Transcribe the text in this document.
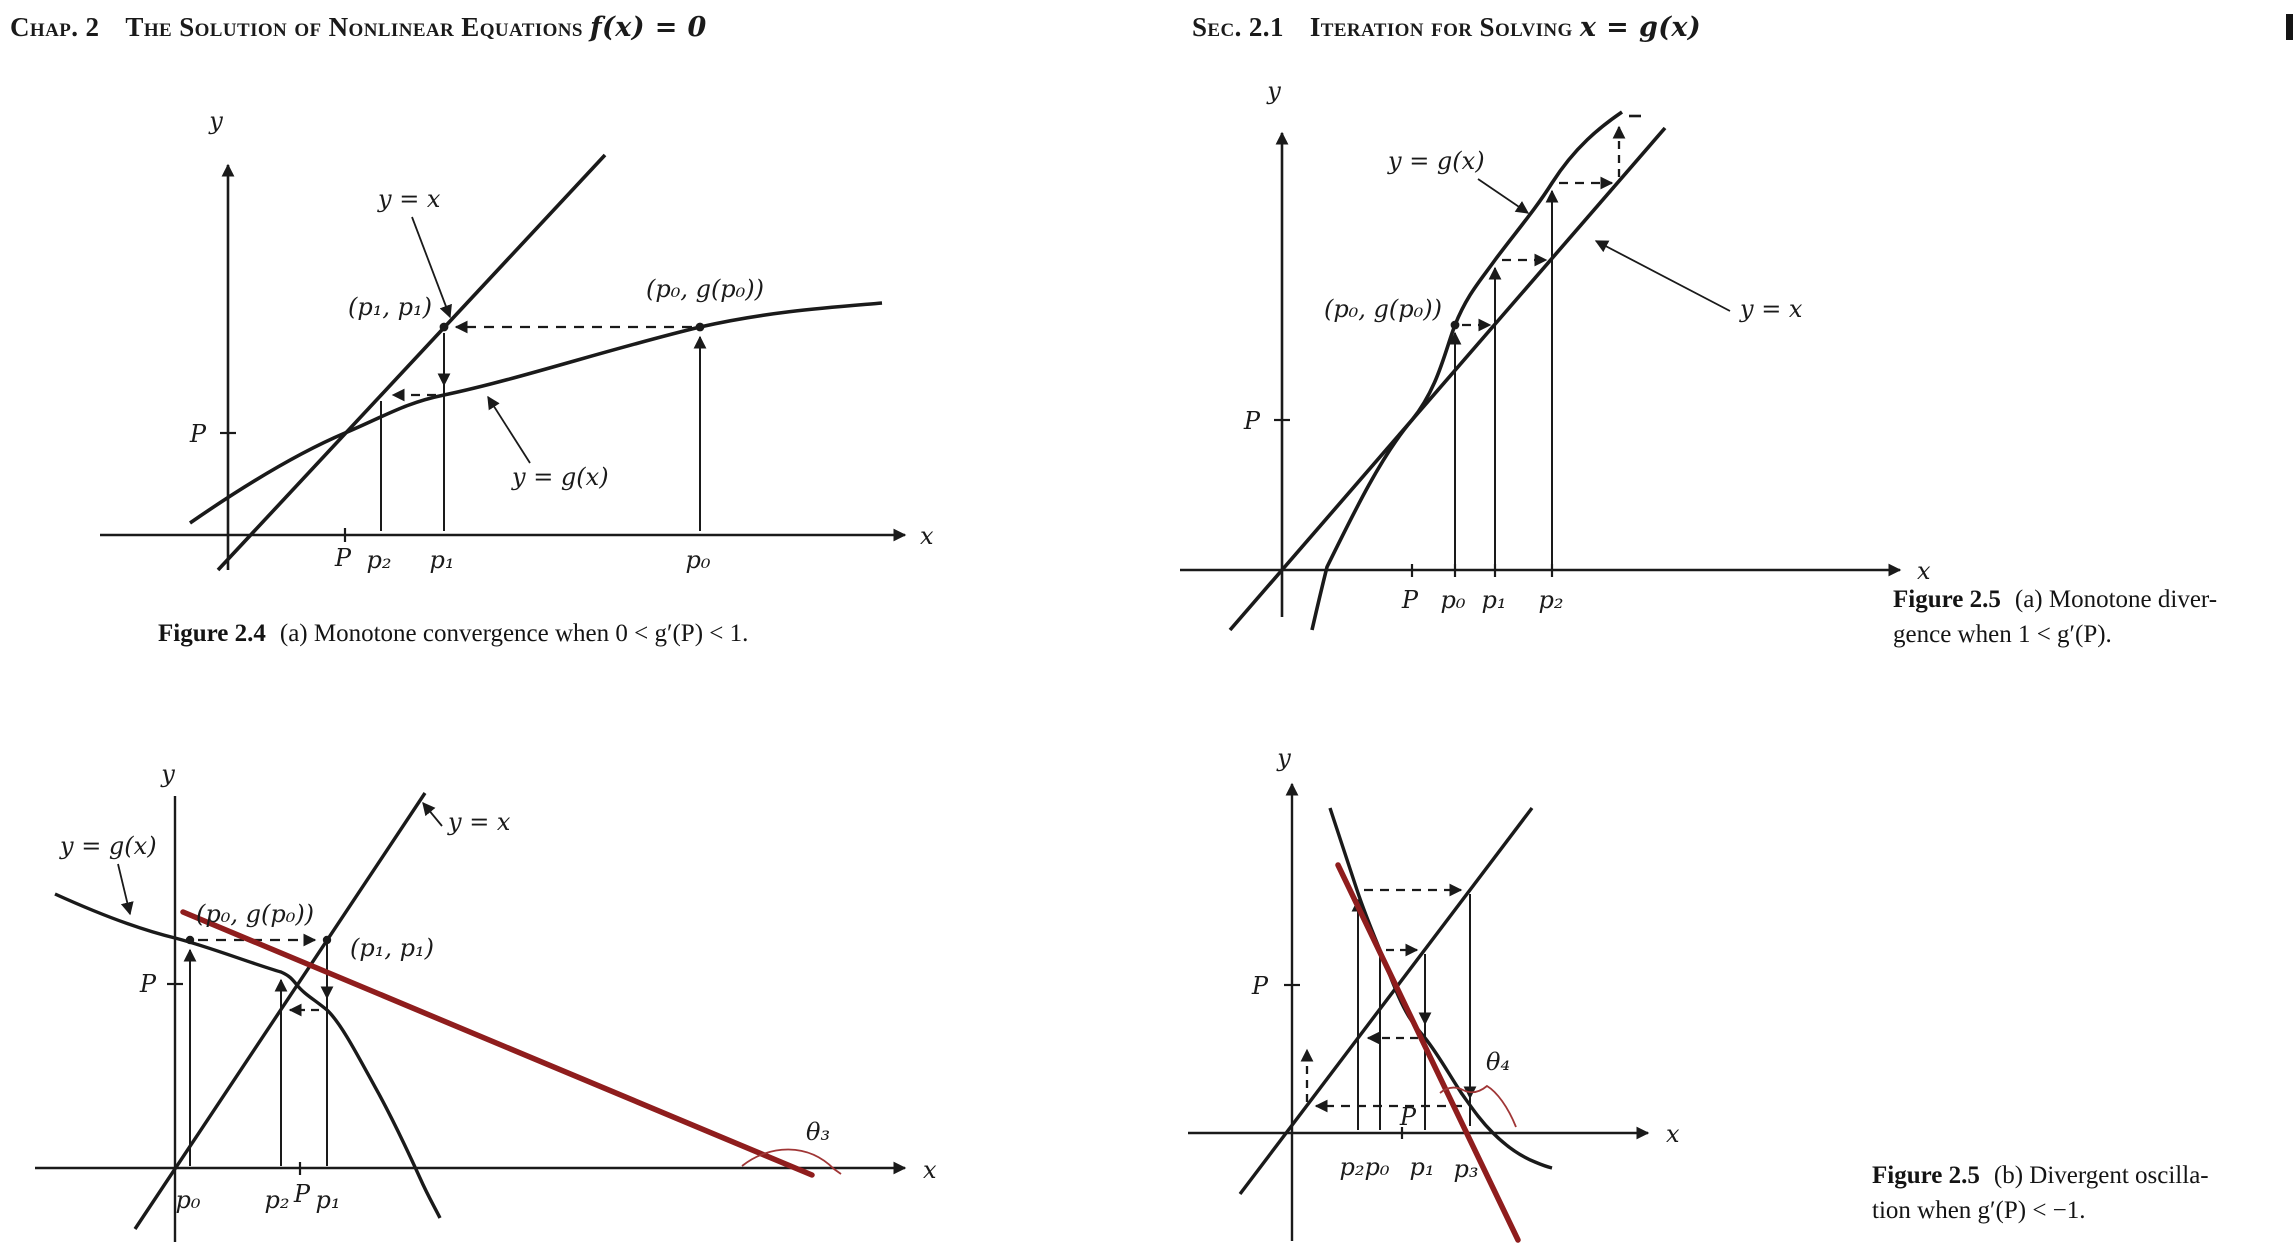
Chap. 2 The Solution of Nonlinear Equations f(x) = 0	Sec. 2.1 Iteration for Solving x = g(x)
y
x
y = x
y = g(x)
(p₁, p₁)
(p₀, g(p₀))
P
P p₂ p₁	p₀
Figure 2.4 (a) Monotone convergence when 0 < g′(P) < 1.
y
x
y = g(x)
y = x
(p₀, g(p₀))
P
P p₀ p₁ p₂	Figure 2.5 (a) Monotone diver-
gence when 1 < g′(P).
θ₃
y
x
y = g(x)
y = x
(p₀, g(p₀))
(p₁, p₁)
P
p₀	p₂ P p₁
θ₄
y
x
P
P
p₂ p₀ p₁ p₃	Figure 2.5 (b) Divergent oscilla-
tion when g′(P) < −1.
